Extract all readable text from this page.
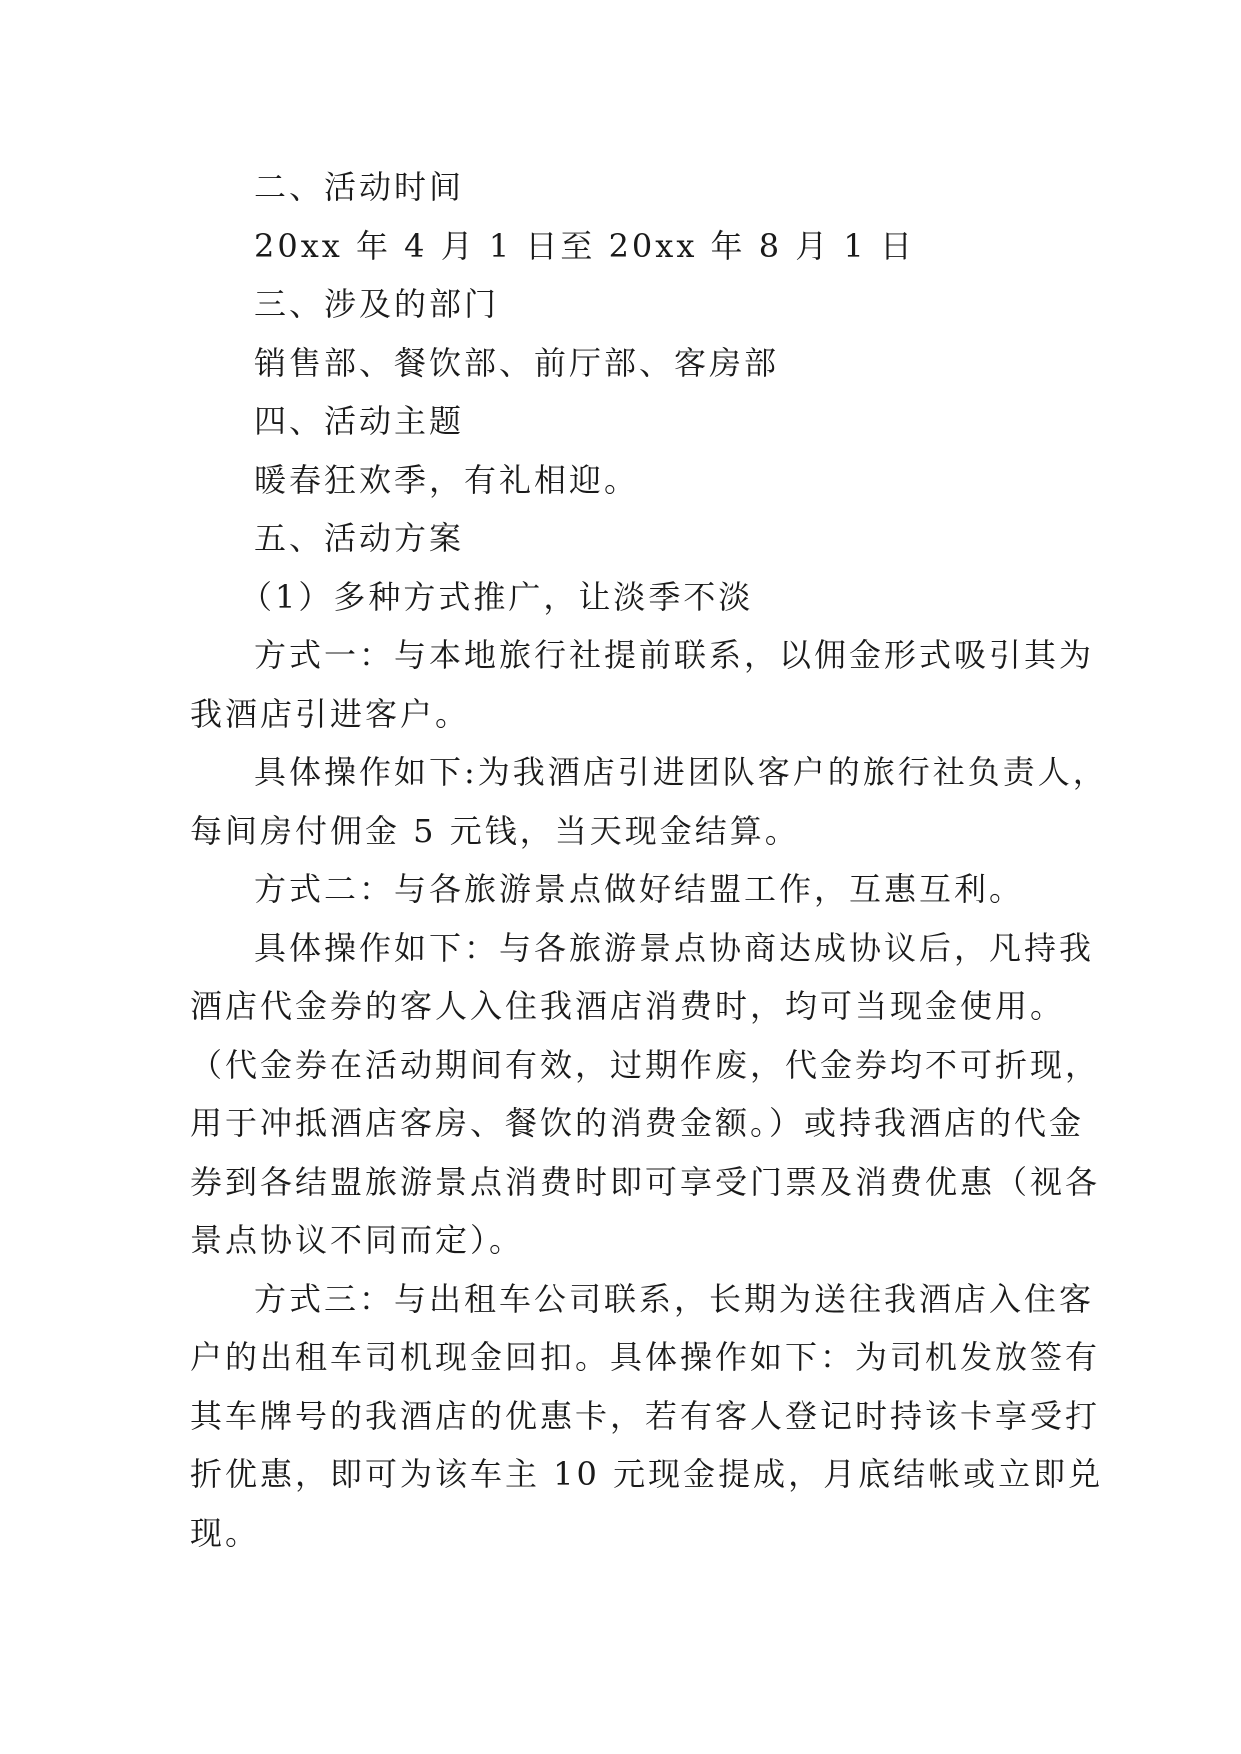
二、活动时间

20xx 年 4 月 1 日至 20xx 年 8 月 1 日

三、涉及的部门

销售部、餐饮部、前厅部、客房部

四、活动主题

暖春狂欢季，有礼相迎。

五、活动方案

（1）多种方式推广，让淡季不淡

方式一：与本地旅行社提前联系，以佣金形式吸引其为

我酒店引进客户。

具体操作如下:为我酒店引进团队客户的旅行社负责人，

每间房付佣金 5 元钱，当天现金结算。

方式二：与各旅游景点做好结盟工作，互惠互利。

具体操作如下：与各旅游景点协商达成协议后，凡持我

酒店代金券的客人入住我酒店消费时，均可当现金使用。

（代金券在活动期间有效，过期作废，代金券均不可折现，

用于冲抵酒店客房、餐饮的消费金额。）或持我酒店的代金

券到各结盟旅游景点消费时即可享受门票及消费优惠（视各

景点协议不同而定）。

方式三：与出租车公司联系，长期为送往我酒店入住客

户的出租车司机现金回扣。具体操作如下：为司机发放签有

其车牌号的我酒店的优惠卡，若有客人登记时持该卡享受打

折优惠，即可为该车主 10 元现金提成，月底结帐或立即兑

现。
